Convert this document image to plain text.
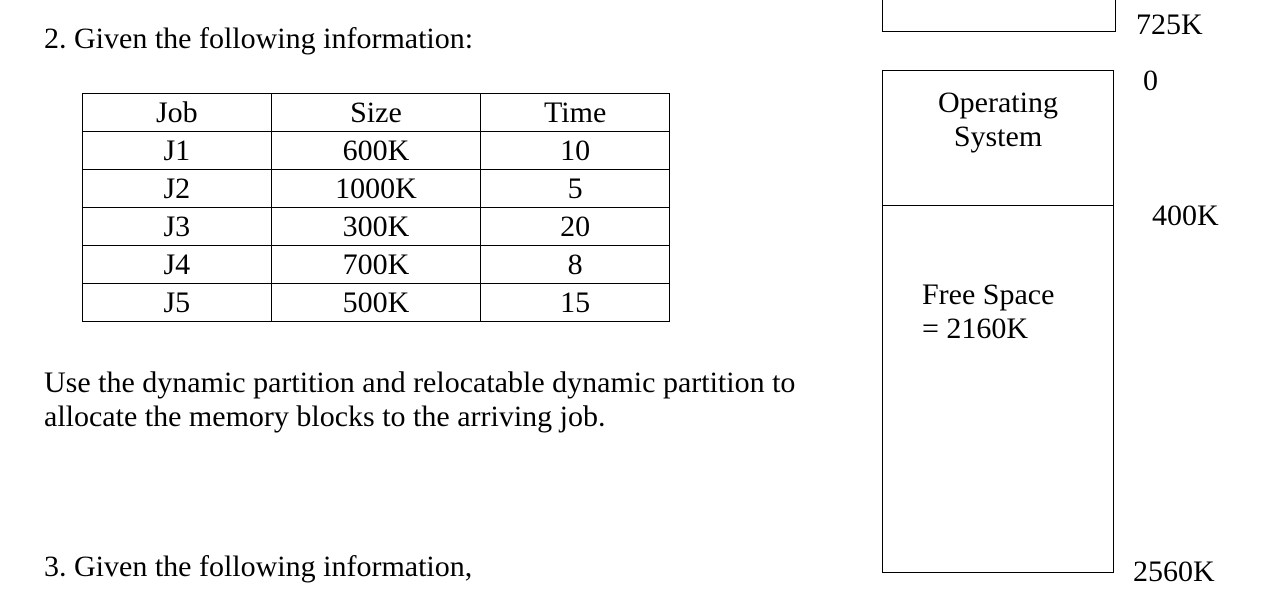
2. Given the following information:
Job	Size	Time
J1	600K	10
J2	1000K	5
J3	300K	20
J4	700K	8
J5	500K	15
Use the dynamic partition and relocatable dynamic partition to
allocate the memory blocks to the arriving job.
3. Given the following information,
725K
Operating
System
Free Space
= 2160K
0
400K
2560K
